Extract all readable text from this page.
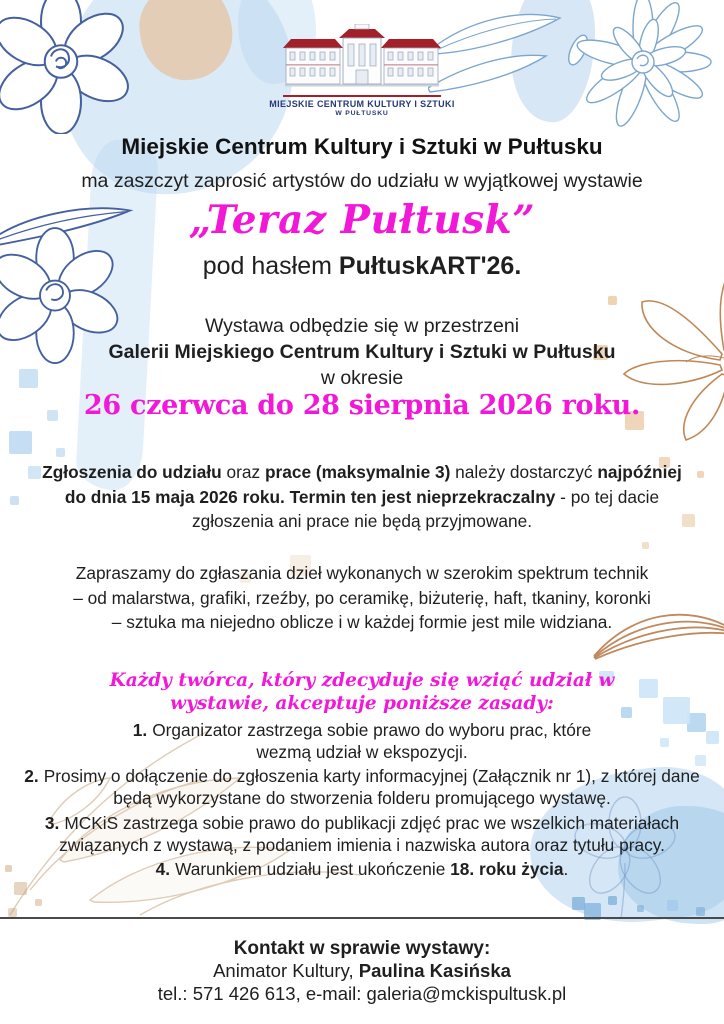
MIEJSKIE CENTRUM KULTURY I SZTUKI
W PUŁTUSKU
Miejskie Centrum Kultury i Sztuki w Pułtusku
ma zaszczyt zaprosić artystów do udziału w wyjątkowej wystawie
„Teraz Pułtusk”
pod hasłem PułtuskART'26.
Wystawa odbędzie się w przestrzeni
Galerii Miejskiego Centrum Kultury i Sztuki w Pułtusku
w okresie
26 czerwca do 28 sierpnia 2026 roku.
Zgłoszenia do udziału oraz prace (maksymalnie 3) należy dostarczyć najpóźniej do dnia 15 maja 2026 roku. Termin ten jest nieprzekraczalny - po tej dacie zgłoszenia ani prace nie będą przyjmowane.
Zapraszamy do zgłaszania dzieł wykonanych w szerokim spektrum technik – od malarstwa, grafiki, rzeźby, po ceramikę, biżuterię, haft, tkaniny, koronki – sztuka ma niejedno oblicze i w każdej formie jest mile widziana.
Każdy twórca, który zdecyduje się wziąć udział w wystawie, akceptuje poniższe zasady:
1. Organizator zastrzega sobie prawo do wyboru prac, które wezmą udział w ekspozycji.
2. Prosimy o dołączenie do zgłoszenia karty informacyjnej (Załącznik nr 1), z której dane będą wykorzystane do stworzenia folderu promującego wystawę.
3. MCKiS zastrzega sobie prawo do publikacji zdjęć prac we wszelkich materiałach związanych z wystawą, z podaniem imienia i nazwiska autora oraz tytułu pracy.
4. Warunkiem udziału jest ukończenie 18. roku życia.
Kontakt w sprawie wystawy:
Animator Kultury, Paulina Kasińska
tel.: 571 426 613, e-mail: galeria@mckispultusk.pl
